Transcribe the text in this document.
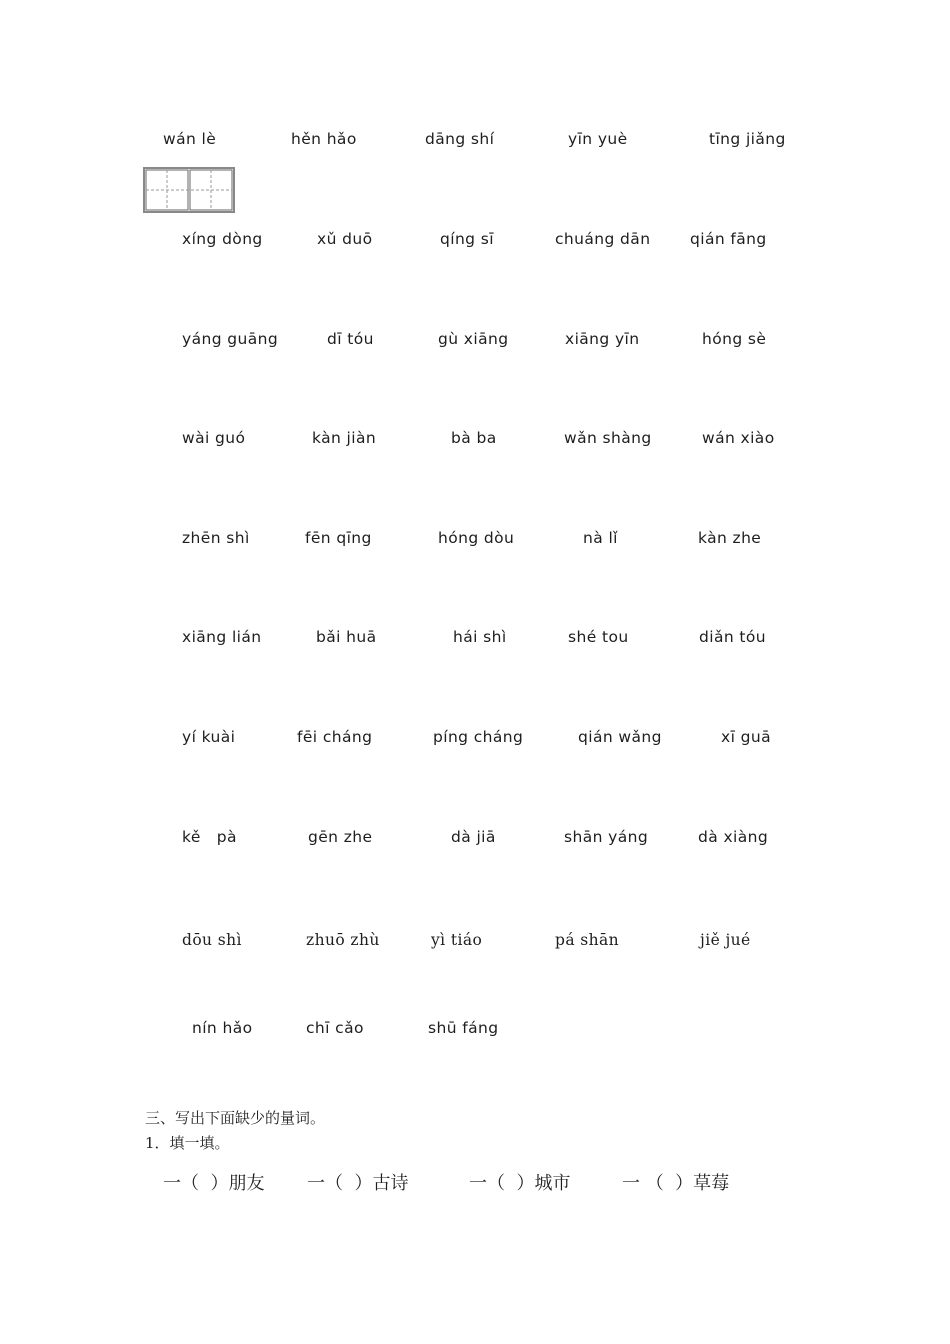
wán lè	hěn hǎo	dāng shí	yīn yuè	tīng jiǎng
xíng dòng	xǔ duō	qíng sī	chuáng dān	qián fāng
yáng guāng	dī tóu	gù xiāng	xiāng yīn	hóng sè
wài guó	kàn jiàn	bà ba	wǎn shàng	wán xiào
zhēn shì	fēn qīng	hóng dòu	nà lǐ	kàn zhe
xiāng lián	bǎi huā	hái shì	shé tou	diǎn tóu
yí kuài	fēi cháng	píng cháng	qián wǎng	xī guā
kě   pà	gēn zhe	dà jiā	shān yáng	dà xiàng
dōu shì	zhuō zhù	yì tiáo	pá shān	jiě jué
nín hǎo	chī cǎo	shū fáng
三、写出下面缺少的量词。
1．填一填。
一（  ）朋友 一（  ）古诗	一（  ）城市	一 （  ）草莓
